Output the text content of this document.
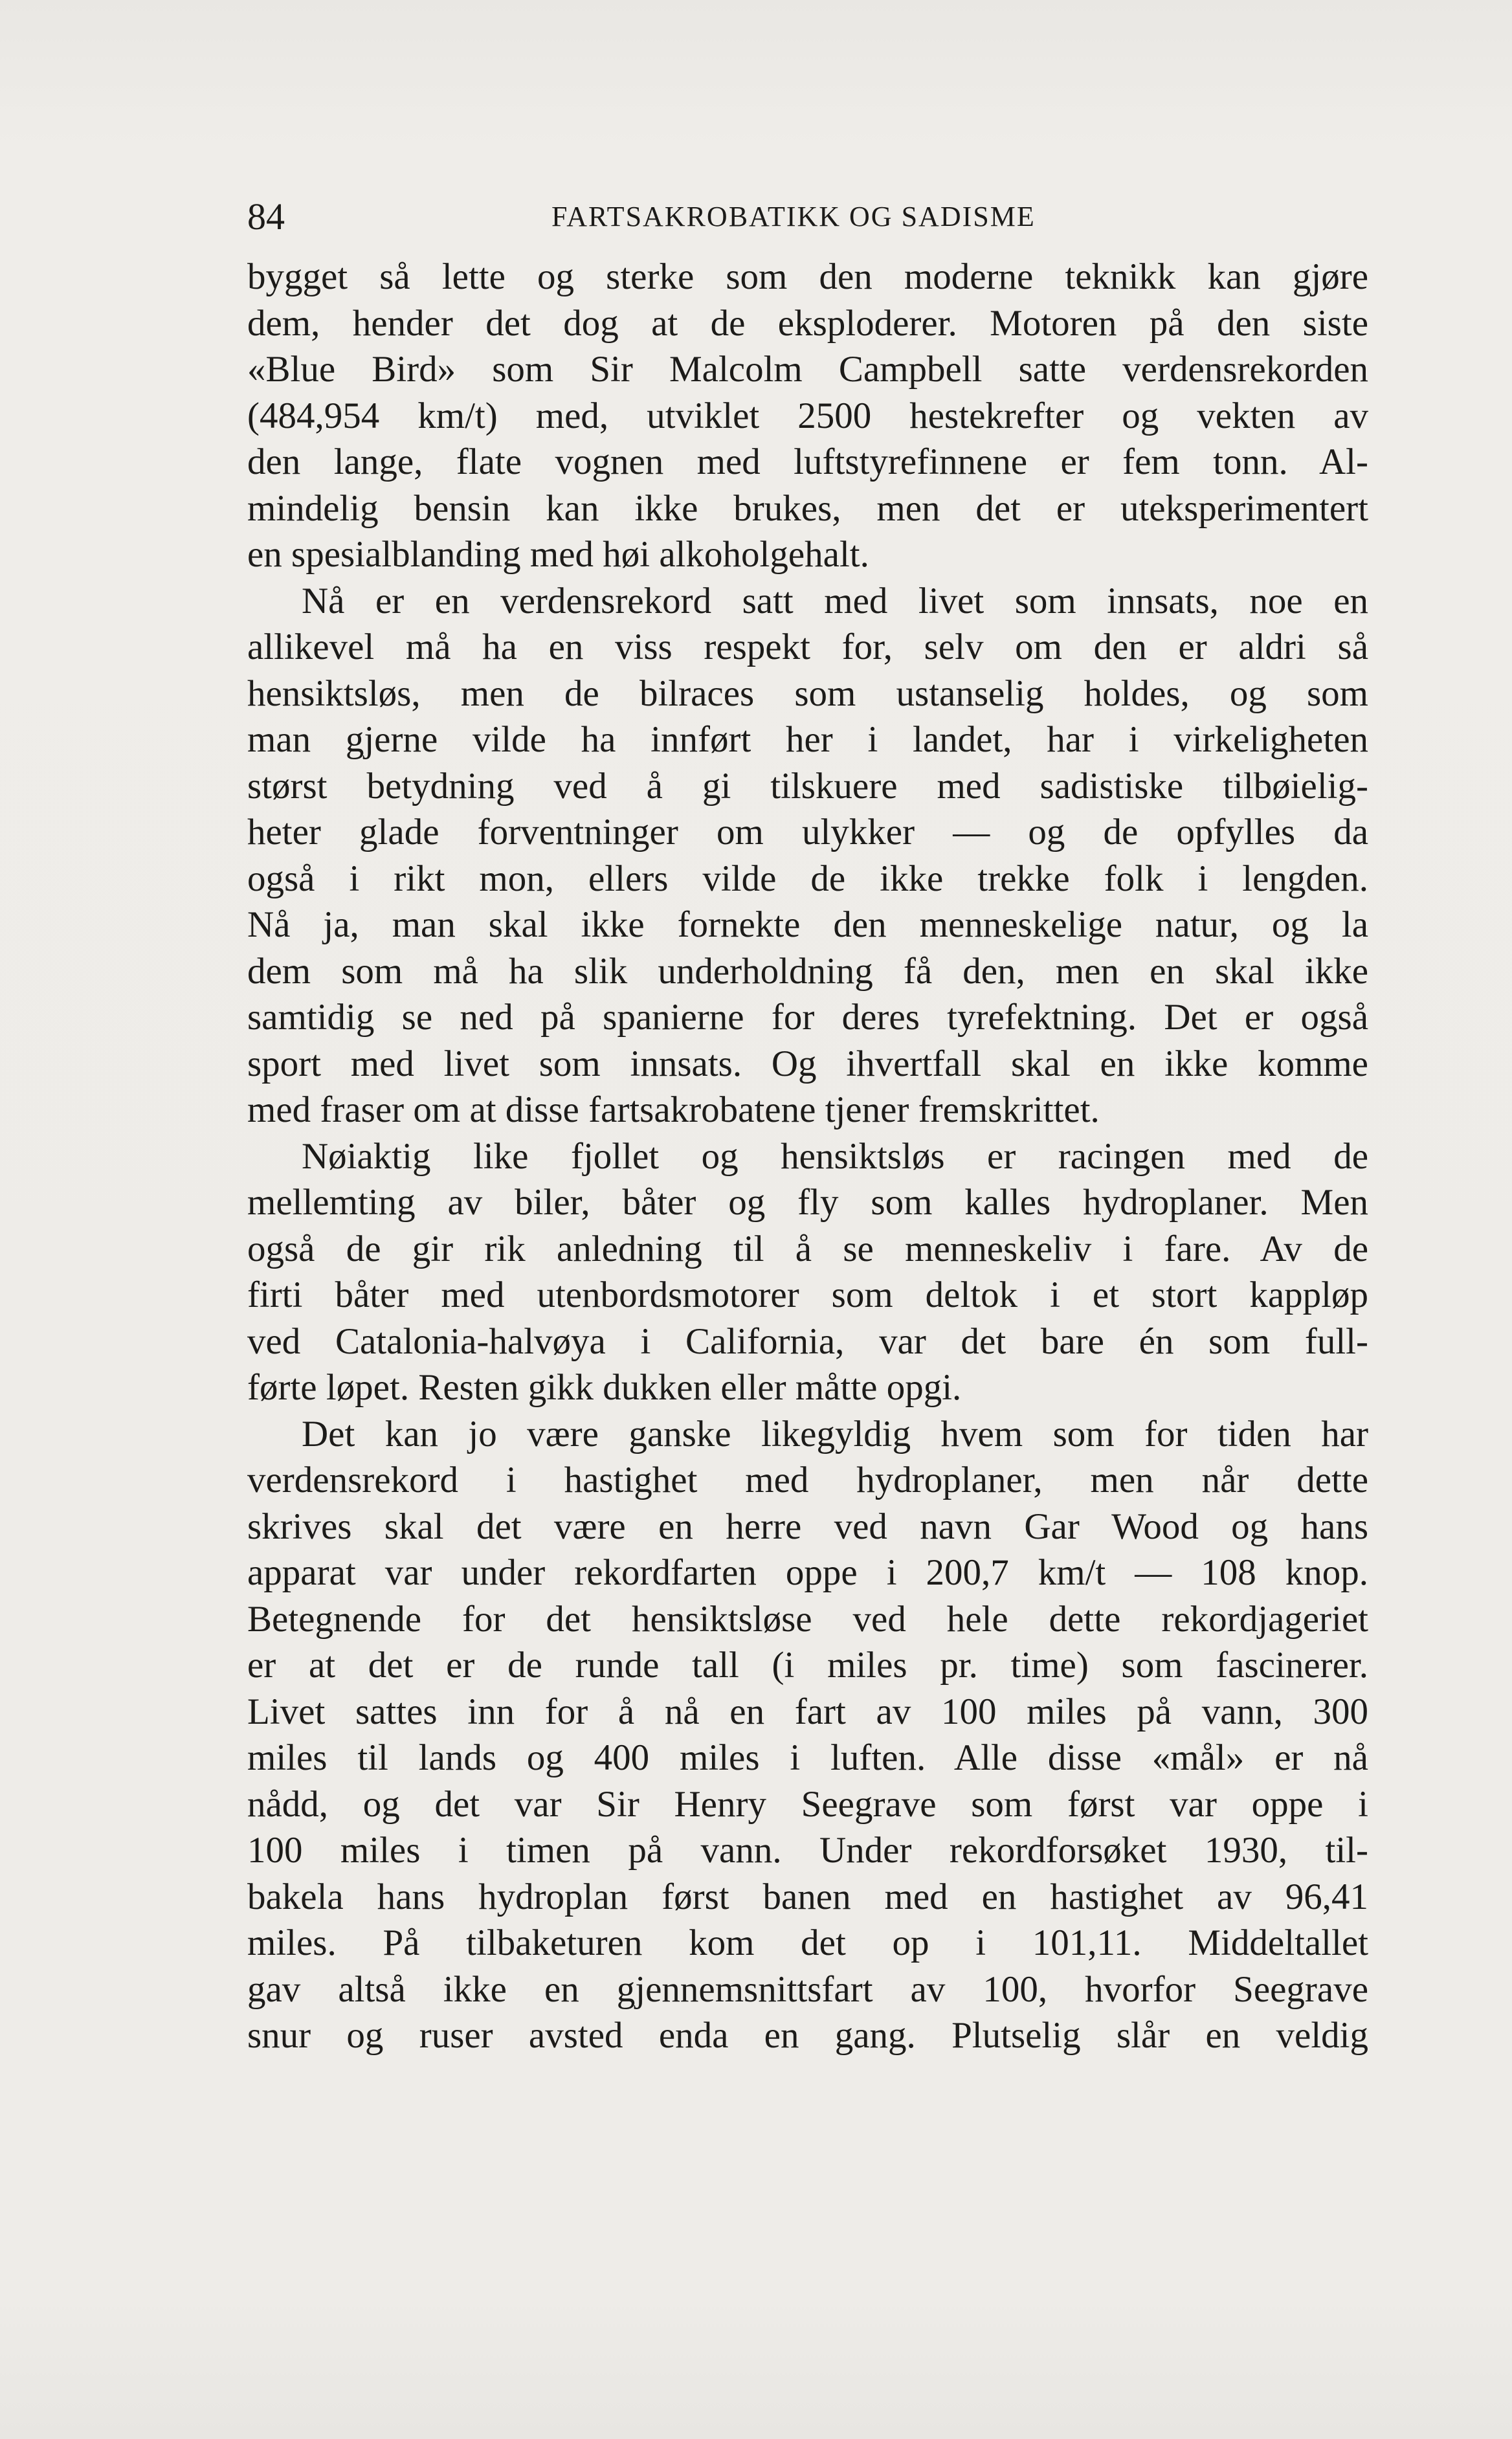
84	FARTSAKROBATIKK OG SADISME
bygget så lette og sterke som den moderne teknikk kan gjøre
dem, hender det dog at de eksploderer. Motoren på den siste
«Blue Bird» som Sir Malcolm Campbell satte verdensrekorden
(484,954 km/t) med, utviklet 2500 hestekrefter og vekten av
den lange, flate vognen med luftstyrefinnene er fem tonn. Al-
mindelig bensin kan ikke brukes, men det er uteksperimentert
en spesialblanding med høi alkoholgehalt.
Nå er en verdensrekord satt med livet som innsats, noe en
allikevel må ha en viss respekt for, selv om den er aldri så
hensiktsløs, men de bilraces som ustanselig holdes, og som
man gjerne vilde ha innført her i landet, har i virkeligheten
størst betydning ved å gi tilskuere med sadistiske tilbøielig-
heter glade forventninger om ulykker — og de opfylles da
også i rikt mon, ellers vilde de ikke trekke folk i lengden.
Nå ja, man skal ikke fornekte den menneskelige natur, og la
dem som må ha slik underholdning få den, men en skal ikke
samtidig se ned på spanierne for deres tyrefektning. Det er også
sport med livet som innsats. Og ihvertfall skal en ikke komme
med fraser om at disse fartsakrobatene tjener fremskrittet.
Nøiaktig like fjollet og hensiktsløs er racingen med de
mellemting av biler, båter og fly som kalles hydroplaner. Men
også de gir rik anledning til å se menneskeliv i fare. Av de
firti båter med utenbordsmotorer som deltok i et stort kappløp
ved Catalonia-halvøya i California, var det bare én som full-
førte løpet. Resten gikk dukken eller måtte opgi.
Det kan jo være ganske likegyldig hvem som for tiden har
verdensrekord i hastighet med hydroplaner, men når dette
skrives skal det være en herre ved navn Gar Wood og hans
apparat var under rekordfarten oppe i 200,7 km/t — 108 knop.
Betegnende for det hensiktsløse ved hele dette rekordjageriet
er at det er de runde tall (i miles pr. time) som fascinerer.
Livet sattes inn for å nå en fart av 100 miles på vann, 300
miles til lands og 400 miles i luften. Alle disse «mål» er nå
nådd, og det var Sir Henry Seegrave som først var oppe i
100 miles i timen på vann. Under rekordforsøket 1930, til-
bakela hans hydroplan først banen med en hastighet av 96,41
miles. På tilbaketuren kom det op i 101,11. Middeltallet
gav altså ikke en gjennemsnittsfart av 100, hvorfor Seegrave
snur og ruser avsted enda en gang. Plutselig slår en veldig
